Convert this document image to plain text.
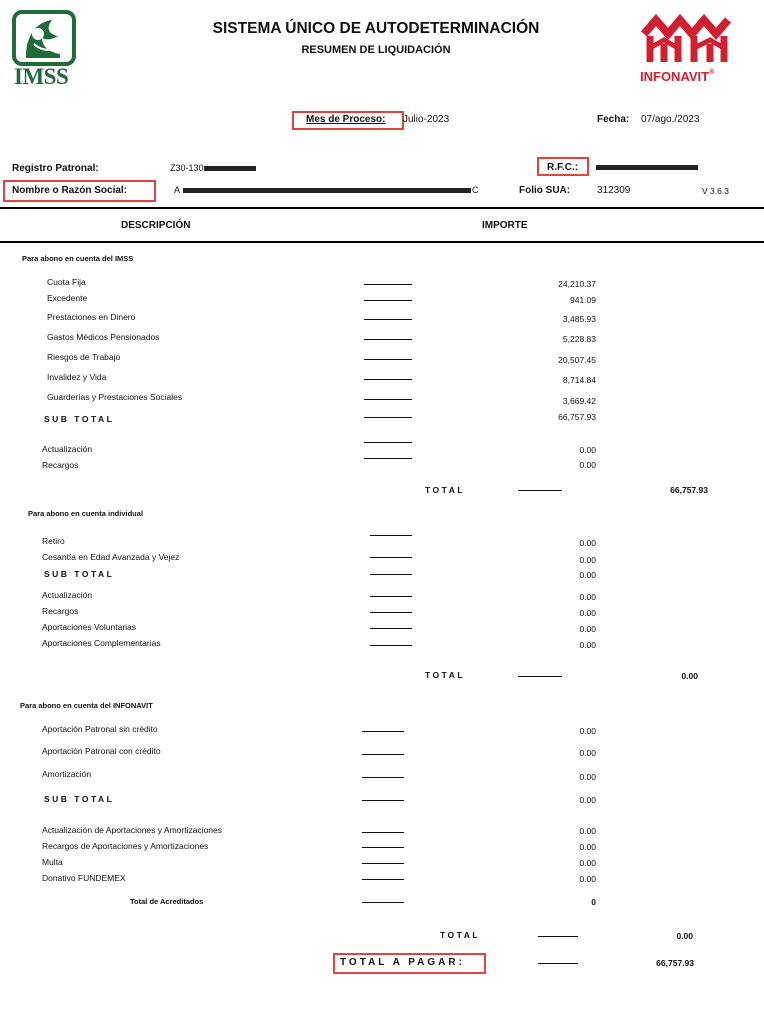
IMSS	INFONAVIT®
SISTEMA ÚNICO DE AUTODETERMINACIÓN
RESUMEN DE LIQUIDACIÓN
Mes de Proceso: Julio-2023	Fecha: 07/ago./2023
Registro Patronal:	Z30-130	R.F.C.:
Nombre o Razón Social:	A	C	Folio SUA:	312309	V 3.6.3
DESCRIPCIÓN	IMPORTE
Para abono en cuenta del IMSS
Cuota Fija	24,210.37
Excedente	941.09
Prestaciones en Dinero	3,485.93
Gastos Médicos Pensionados	5,228.83
Riesgos de Trabajo	20,507.45
Invalidez y Vida	8,714.84
Guarderías y Prestaciones Sociales	3,669.42
SUB TOTAL	66,757.93
Actualización	0.00
Recargos	0.00
TOTAL	66,757.93
Para abono en cuenta individual
Retiro	0.00
Cesantía en Edad Avanzada y Vejez	0.00
SUB TOTAL	0.00
Actualización	0.00
Recargos	0.00
Aportaciones Voluntarias	0.00
Aportaciones Complementarias	0.00
TOTAL	0.00
Para abono en cuenta del INFONAVIT
Aportación Patronal sin crédito	0.00
Aportación Patronal con crédito	0.00
Amortización	0.00
SUB TOTAL	0.00
Actualización de Aportaciones y Amortizaciones	0.00
Recargos de Aportaciones y Amortizaciones	0.00
Multa	0.00
Donativo FUNDEMEX	0.00
Total de Acreditados	0
TOTAL	0.00
TOTAL A PAGAR:	66,757.93
